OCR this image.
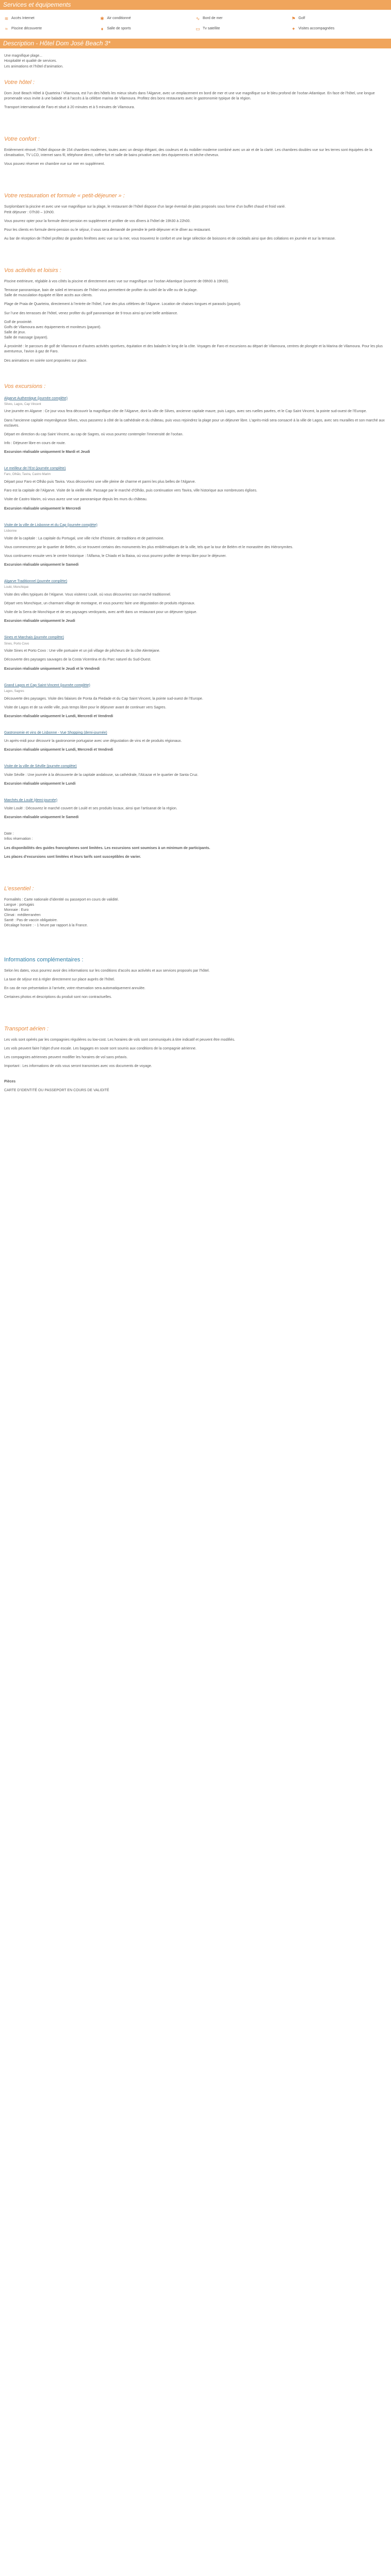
Services et équipements
≋ Accès Internet	✱ Air conditionné	∿ Bord de mer	⚑ Golf
≈ Piscine découverte	♦	Salle de sports	▭ Tv satellite	✦ Visites accompagnées
Description - Hôtel Dom José Beach 3*

Une magnifique plage...
Hospitalité et qualité de services.
Les animations et l’hôtel d’animation.

Votre hôtel :

Dom José Beach Hôtel à Quarteira / Vilamoura, est l’un des hôtels les mieux situés dans l’Algarve, avec un emplacement en bord de mer et une vue magnifique sur le bleu profond de l’océan Atlantique. En face de l’hôtel, une longue promenade vous invite à une balade et à l’accès à la célèbre marina de Vilamoura. Profitez des bons restaurants avec le gastronomie typique de la région.

Transport international de Faro et situé à 20 minutes et à 5 minutes de Vilamoura.

Votre confort :

Entièrement rénové, l’hôtel dispose de 154 chambres modernes, toutes avec un design élégant, des couleurs et du mobilier moderne combiné avec un air et de la clarté. Les chambres doubles vue sur les terres sont équipées de la climatisation, TV LCD, internet sans fil, téléphone direct, coffre-fort et salle de bains privative avec des équipements et sèche-cheveux.

Vous pouvez réserver en chambre vue sur mer en supplément.

Votre restauration et formule « petit-déjeuner » :

Surplombant la piscine et avec une vue magnifique sur la plage, le restaurant de l’hôtel dispose d’un large éventail de plats proposés sous forme d’un buffet chaud et froid varié.
Petit déjeuner : 07h30 – 10h00.

Vous pourrez opter pour la formule demi-pension en supplément et profiter de vos dîners à l’hôtel de 19h30 à 22h00.

Pour les clients en formule demi-pension ou le séjour, il vous sera demandé de prendre le petit-déjeuner et le dîner au restaurant.

Au bar de réception de l’hôtel profitez de grandes fenêtres avec vue sur la mer, vous trouverez le confort et une large sélection de boissons et de cocktails ainsi que des collations en journée et sur la terrasse.

Vos activités et loisirs :

Piscine extérieure, réglable à vos côtés la piscine et directement avec vue sur magnifique sur l’océan Atlantique (ouverte de 09h00 à 19h00).

Terrasse panoramique, bain de soleil et terrasses de l’hôtel vous permettent de profiter du soleil de la ville ou de la plage.
Salle de musculation équipée et libre accès aux clients.

Plage de Praia de Quarteira, directement à l’entrée de l’hôtel, l’une des plus célèbres de l’Algarve. Location de chaises longues et parasols (payant).

Sur l’une des terrasses de l’hôtel, venez profiter du golf panoramique de 9 trous ainsi qu’une belle ambiance.

Golf de proximité.
Golfs de Vilamoura avec équipements et moniteurs (payant).
Salle de jeux.
Salle de massage (payant).

À proximité : le parcours de golf de Vilamoura et d’autres activités sportives, équitation et des balades le long de la côte. Voyages de Faro et excursions au départ de Vilamoura, centres de plongée et la Marina de Vilamoura. Pour les plus aventureux, l’avion à gaz de Faro.

Des animations en soirée sont proposées sur place.

Vos excursions :
Algarve Authentique (journée complète)
Silves, Lagos, Cap Vincent

Une journée en Algarve : Ce jour vous fera découvrir la magnifique côte de l’Algarve, dont la ville de Silves, ancienne capitale maure, puis Lagos, avec ses ruelles pavées, et le Cap Saint Vincent, la pointe sud-ouest de l’Europe.

Dans l’ancienne capitale moyenâgeuse Silves, vous passerez à côté de la cathédrale et du château, puis vous rejoindrez la plage pour un déjeuner libre. L’après-midi sera consacré à la ville de Lagos, avec ses murailles et son marché aux esclaves.

Départ en direction du cap Saint Vincent, au cap de Sagres, où vous pourrez contempler l’immensité de l’océan.

Info : Déjeuner libre en cours de route.

Excursion réalisable uniquement le Mardi et Jeudi

Le meilleur de l’Est (journée complète)
Faro, Olhão, Tavira, Castro Marim

Départ pour Faro et Olhão puis Tavira. Vous découvrirez une ville pleine de charme et parmi les plus belles de l’Algarve.

Faro est la capitale de l’Algarve. Visite de la vieille ville. Passage par le marché d’Olhão, puis continuation vers Tavira, ville historique aux nombreuses églises.

Visite de Castro Marim, où vous aurez une vue panoramique depuis les murs du château.

Excursion réalisable uniquement le Mercredi

Visite de la ville de Lisbonne et du Cap (journée complète)
Lisbonne

Visite de la capitale : La capitale du Portugal, une ville riche d’histoire, de traditions et de patrimoine.

Vous commencerez par le quartier de Belém, où se trouvent certains des monuments les plus emblématiques de la ville, tels que la tour de Belém et le monastère des Hiéronymites.

Vous continuerez ensuite vers le centre historique : l’Alfama, le Chiado et la Baixa, où vous pourrez profiter de temps libre pour le déjeuner.

Excursion réalisable uniquement le Samedi

Algarve Traditionnel (journée complète)
Loulé, Monchique

Visite des villes typiques de l’Algarve. Vous visiterez Loulé, où vous découvrirez son marché traditionnel.

Départ vers Monchique, un charmant village de montagne, et vous pourrez faire une dégustation de produits régionaux.

Visite de la Serra de Monchique et de ses paysages verdoyants, avec arrêt dans un restaurant pour un déjeuner typique.

Excursion réalisable uniquement le Jeudi

Sines et Marchais (journée complète)
Sines, Porto Covo

Visite Sines et Porto Covo : Une ville portuaire et un joli village de pêcheurs de la côte Alentejane.

Découverte des paysages sauvages de la Costa Vicentina et du Parc naturel du Sud-Ouest.

Excursion réalisable uniquement le Jeudi et le Vendredi

Grand Lagos et Cap Saint-Vincent (journée complète)
Lagos, Sagres

Découverte des paysages. Visite des falaises de Ponta da Piedade et du Cap Saint Vincent, la pointe sud-ouest de l’Europe.

Visite de Lagos et de sa vieille ville, puis temps libre pour le déjeuner avant de continuer vers Sagres.

Excursion réalisable uniquement le Lundi, Mercredi et Vendredi

Gastronomie et vins de Lisbonne - Vue Shopping (demi-journée)

Un après-midi pour découvrir la gastronomie portugaise avec une dégustation de vins et de produits régionaux.

Excursion réalisable uniquement le Lundi, Mercredi et Vendredi

Visite de la ville de Séville (journée complète)

Visite Séville : Une journée à la découverte de la capitale andalouse, sa cathédrale, l’Alcazar et le quartier de Santa Cruz.

Excursion réalisable uniquement le Lundi

Marchés de Loulé (demi-journée)

Visite Loulé : Découvrez le marché couvert de Loulé et ses produits locaux, ainsi que l’artisanat de la région.

Excursion réalisable uniquement le Samedi

Date :
Infos réservation :

Les disponibilités des guides francophones sont limitées. Les excursions sont soumises à un minimum de participants.

Les places d’excursions sont limitées et leurs tarifs sont susceptibles de varier.

L’essentiel :

Formalités : Carte nationale d’identité ou passeport en cours de validité.
Langue : portugais
Monnaie : Euro
Climat : méditerranéen
Santé : Pas de vaccin obligatoire.
Décalage horaire : - 1 heure par rapport à la France.

Informations complémentaires :

Selon les dates, vous pourrez avoir des informations sur les conditions d’accès aux activités et aux services proposés par l’hôtel.

La taxe de séjour est à régler directement sur place auprès de l’hôtel.

En cas de non présentation à l’arrivée, votre réservation sera automatiquement annulée.

Certaines photos et descriptions du produit sont non contractuelles.

Transport aérien :

Les vols sont opérés par les compagnies régulières ou low-cost. Les horaires de vols sont communiqués à titre indicatif et peuvent être modifiés.

Les vols peuvent faire l’objet d’une escale. Les bagages en soute sont soumis aux conditions de la compagnie aérienne.

Les compagnies aériennes peuvent modifier les horaires de vol sans préavis.

Important : Les informations de vols vous seront transmises avec vos documents de voyage.

Pièces

CARTE D’IDENTITÉ OU PASSEPORT EN COURS DE VALIDITÉ
